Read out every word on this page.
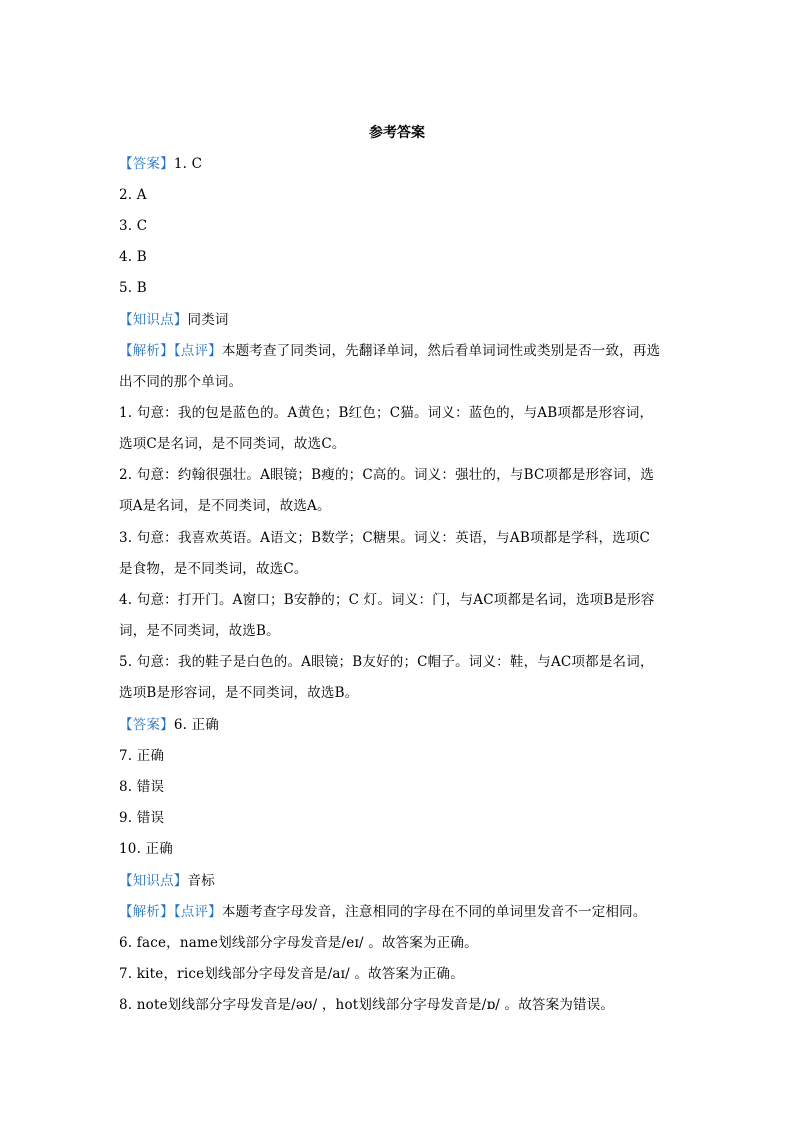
参考答案
【答案】1. C
2. A
3. C
4. B
5. B
【知识点】同类词
【解析】【点评】本题考查了同类词，先翻译单词，然后看单词词性或类别是否一致，再选
出不同的那个单词。
1. 句意：我的包是蓝色的。A黄色；B红色；C猫。词义：蓝色的，与AB项都是形容词，
选项C是名词，是不同类词，故选C。
2. 句意：约翰很强壮。A眼镜；B瘦的；C高的。词义：强壮的，与BC项都是形容词，选
项A是名词，是不同类词，故选A。
3. 句意：我喜欢英语。A语文；B数学；C糖果。词义：英语，与AB项都是学科，选项C
是食物，是不同类词，故选C。
4. 句意：打开门。A窗口；B安静的；C 灯。词义：门，与AC项都是名词，选项B是形容
词，是不同类词，故选B。
5. 句意：我的鞋子是白色的。A眼镜；B友好的；C帽子。词义：鞋，与AC项都是名词，
选项B是形容词，是不同类词，故选B。
【答案】6. 正确
7. 正确
8. 错误
9. 错误
10. 正确
【知识点】音标
【解析】【点评】本题考查字母发音，注意相同的字母在不同的单词里发音不一定相同。
6. face，name划线部分字母发音是/eɪ/ 。故答案为正确。
7. kite，rice划线部分字母发音是/aɪ/ 。故答案为正确。
8. note划线部分字母发音是/əʊ/ ，hot划线部分字母发音是/ɒ/ 。故答案为错误。
